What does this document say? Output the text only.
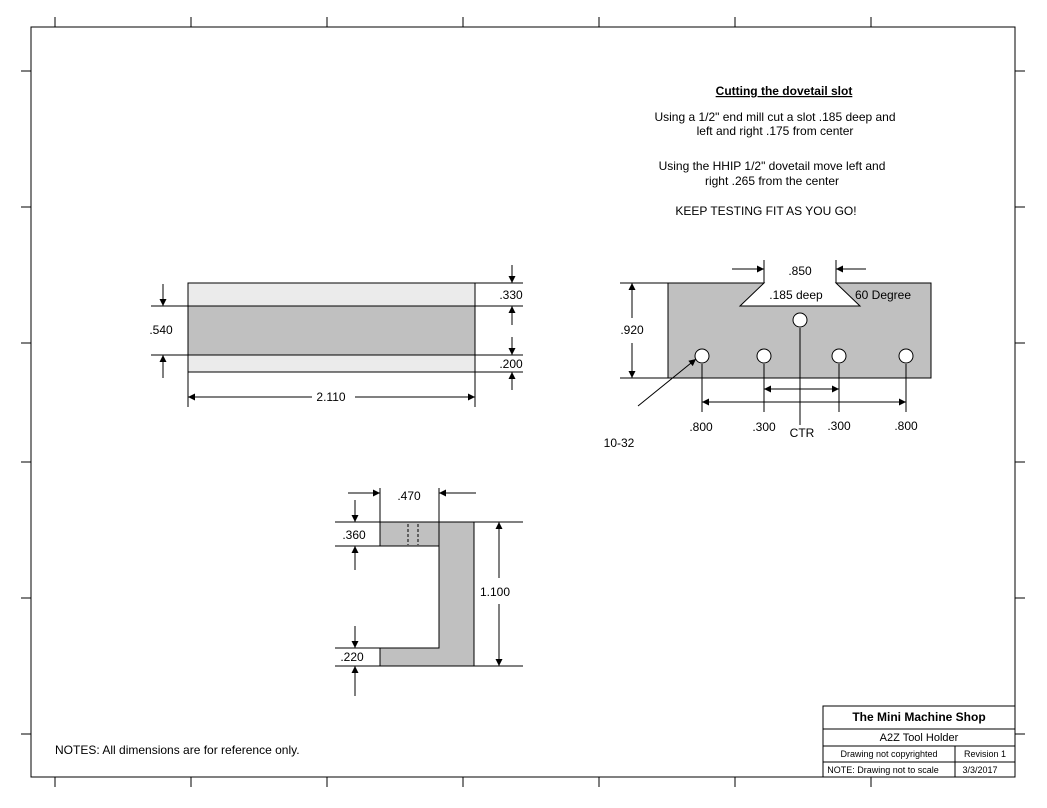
Cutting the dovetail slot
Using a 1/2" end mill cut a slot .185 deep and
left and right .175 from center
Using the HHIP 1/2" dovetail move left and
right .265 from the center
KEEP TESTING FIT AS YOU GO!
2.110
.330
.200
.540
.850
.185 deep	60 Degree
.920
10-32
.800	.300 CTR .300	.800
.470
.360
1.100
.220
NOTES: All dimensions are for reference only.
The Mini Machine Shop
A2Z Tool Holder
Drawing not copyrighted	Revision 1
NOTE: Drawing not to scale	3/3/2017
